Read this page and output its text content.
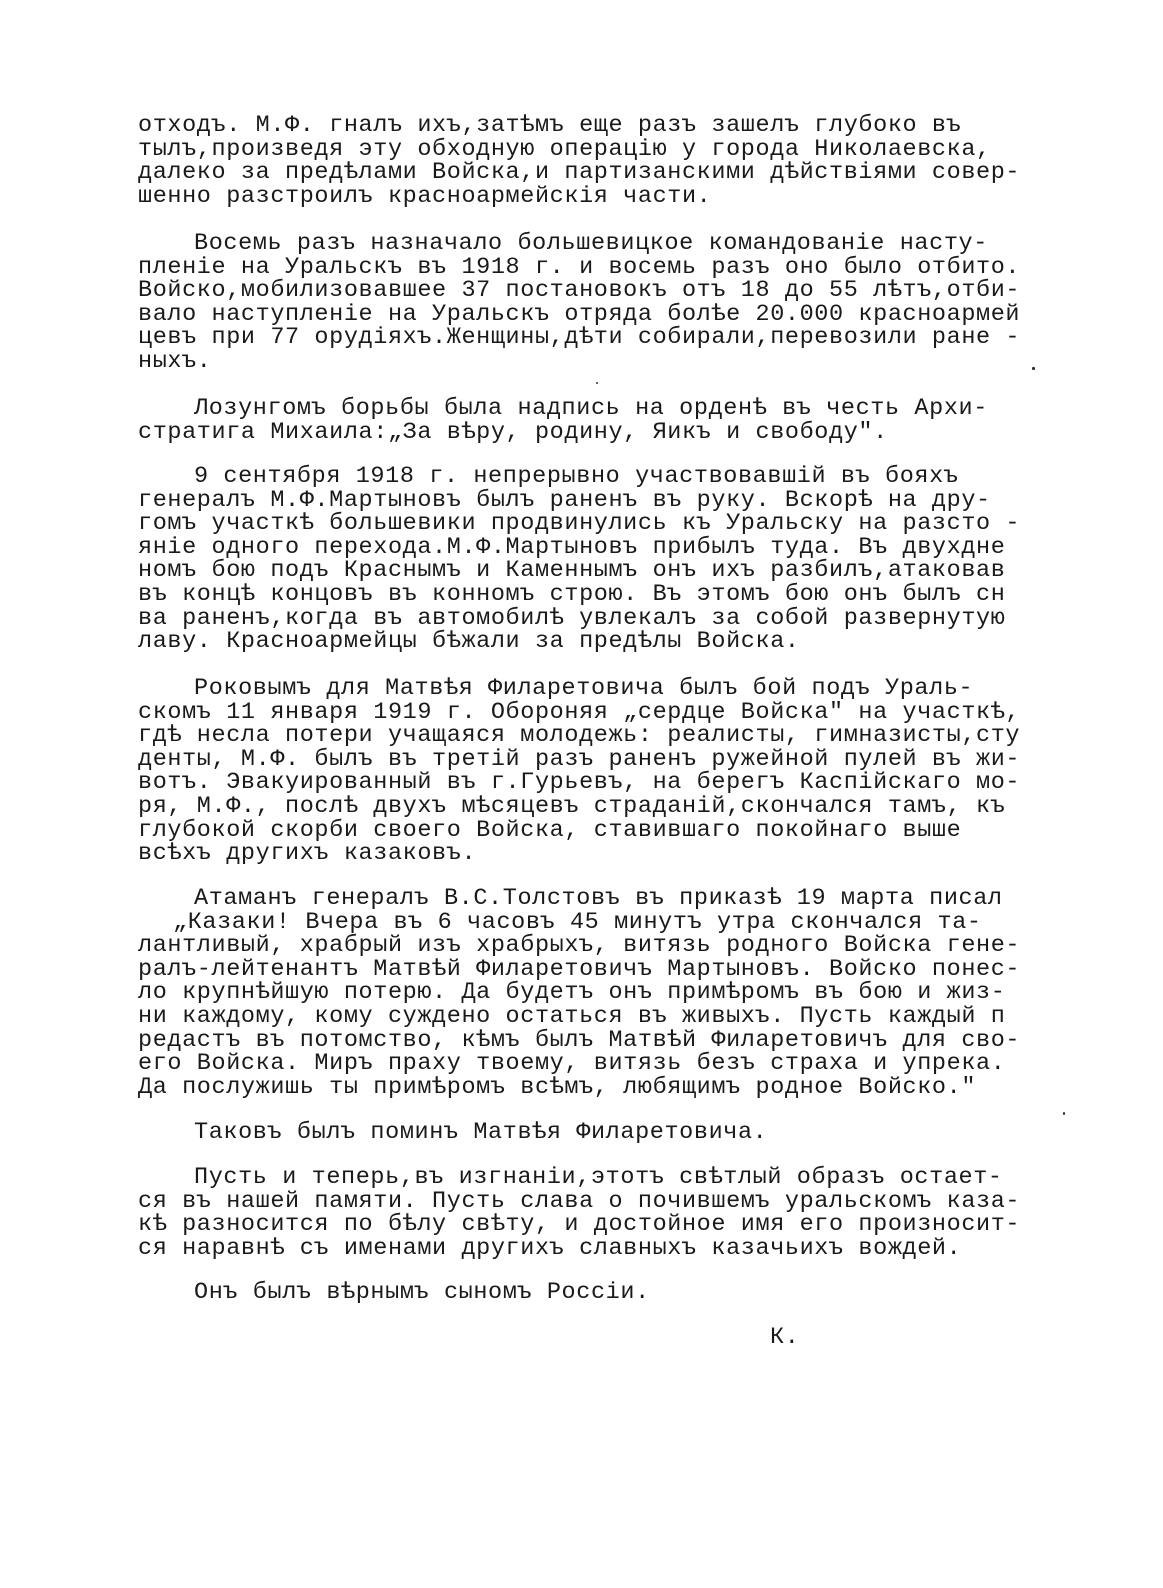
отходъ. М.Ф. гналъ ихъ,затѣмъ еще разъ зашелъ глубоко въ
тылъ,произведя эту обходную операцію у города Николаевска,
далеко за предѣлами Войска,и партизанскими дѣйствіями совер-
шенно разстроилъ красноармейскія части.
Восемь разъ назначало большевицкое командованіе насту-
пленіе на Уральскъ въ 1918 г. и восемь разъ оно было отбито.
Войско,мобилизовавшее 37 постановокъ отъ 18 до 55 лѣтъ,отби-
вало наступленіе на Уральскъ отряда болѣе 20.000 красноармей
цевъ при 77 орудіяхъ.Женщины,дѣти собирали,перевозили ране -
ныхъ.
Лозунгомъ борьбы была надпись на орденѣ въ честь Архи-
стратига Михаила:„За вѣру, родину, Яикъ и свободу".
9 сентября 1918 г. непрерывно участвовавшій въ бояхъ
генералъ М.Ф.Мартыновъ былъ раненъ въ руку. Вскорѣ на дру-
гомъ участкѣ большевики продвинулись къ Уральску на разсто -
яніе одного перехода.М.Ф.Мартыновъ прибылъ туда. Въ двухдне
номъ бою подъ Краснымъ и Каменнымъ онъ ихъ разбилъ,атаковав
въ концѣ концовъ въ конномъ строю. Въ этомъ бою онъ былъ сн
ва раненъ,когда въ автомобилѣ увлекалъ за собой развернутую
лаву. Красноармейцы бѣжали за предѣлы Войска.
Роковымъ для Матвѣя Филаретовича былъ бой подъ Ураль-
скомъ 11 января 1919 г. Обороняя „сердце Войска" на участкѣ,
гдѣ несла потери учащаяся молодежь: реалисты, гимназисты,сту
денты, М.Ф. былъ въ третій разъ раненъ ружейной пулей въ жи-
вотъ. Эвакуированный въ г.Гурьевъ, на берегъ Каспійскаго мо-
ря, М.Ф., послѣ двухъ мѣсяцевъ страданій,скончался тамъ, къ
глубокой скорби своего Войска, ставившаго покойнаго выше
всѣхъ другихъ казаковъ.
Атаманъ генералъ В.С.Толстовъ въ приказѣ 19 марта писал
„Казаки! Вчера въ 6 часовъ 45 минутъ утра скончался та-
лантливый, храбрый изъ храбрыхъ, витязь родного Войска гене-
ралъ-лейтенантъ Матвѣй Филаретовичъ Мартыновъ. Войско понес-
ло крупнѣйшую потерю. Да будетъ онъ примѣромъ въ бою и жиз-
ни каждому, кому суждено остаться въ живыхъ. Пусть каждый п
редастъ въ потомство, кѣмъ былъ Матвѣй Филаретовичъ для сво-
его Войска. Миръ праху твоему, витязь безъ страха и упрека.
Да послужишь ты примѣромъ всѣмъ, любящимъ родное Войско."
Таковъ былъ поминъ Матвѣя Филаретовича.
Пусть и теперь,въ изгнаніи,этотъ свѣтлый образъ остает-
ся въ нашей памяти. Пусть слава о почившемъ уральскомъ каза-
кѣ разносится по бѣлу свѣту, и достойное имя его произносит-
ся наравнѣ съ именами другихъ славныхъ казачьихъ вождей.
Онъ былъ вѣрнымъ сыномъ Россіи.
К.
